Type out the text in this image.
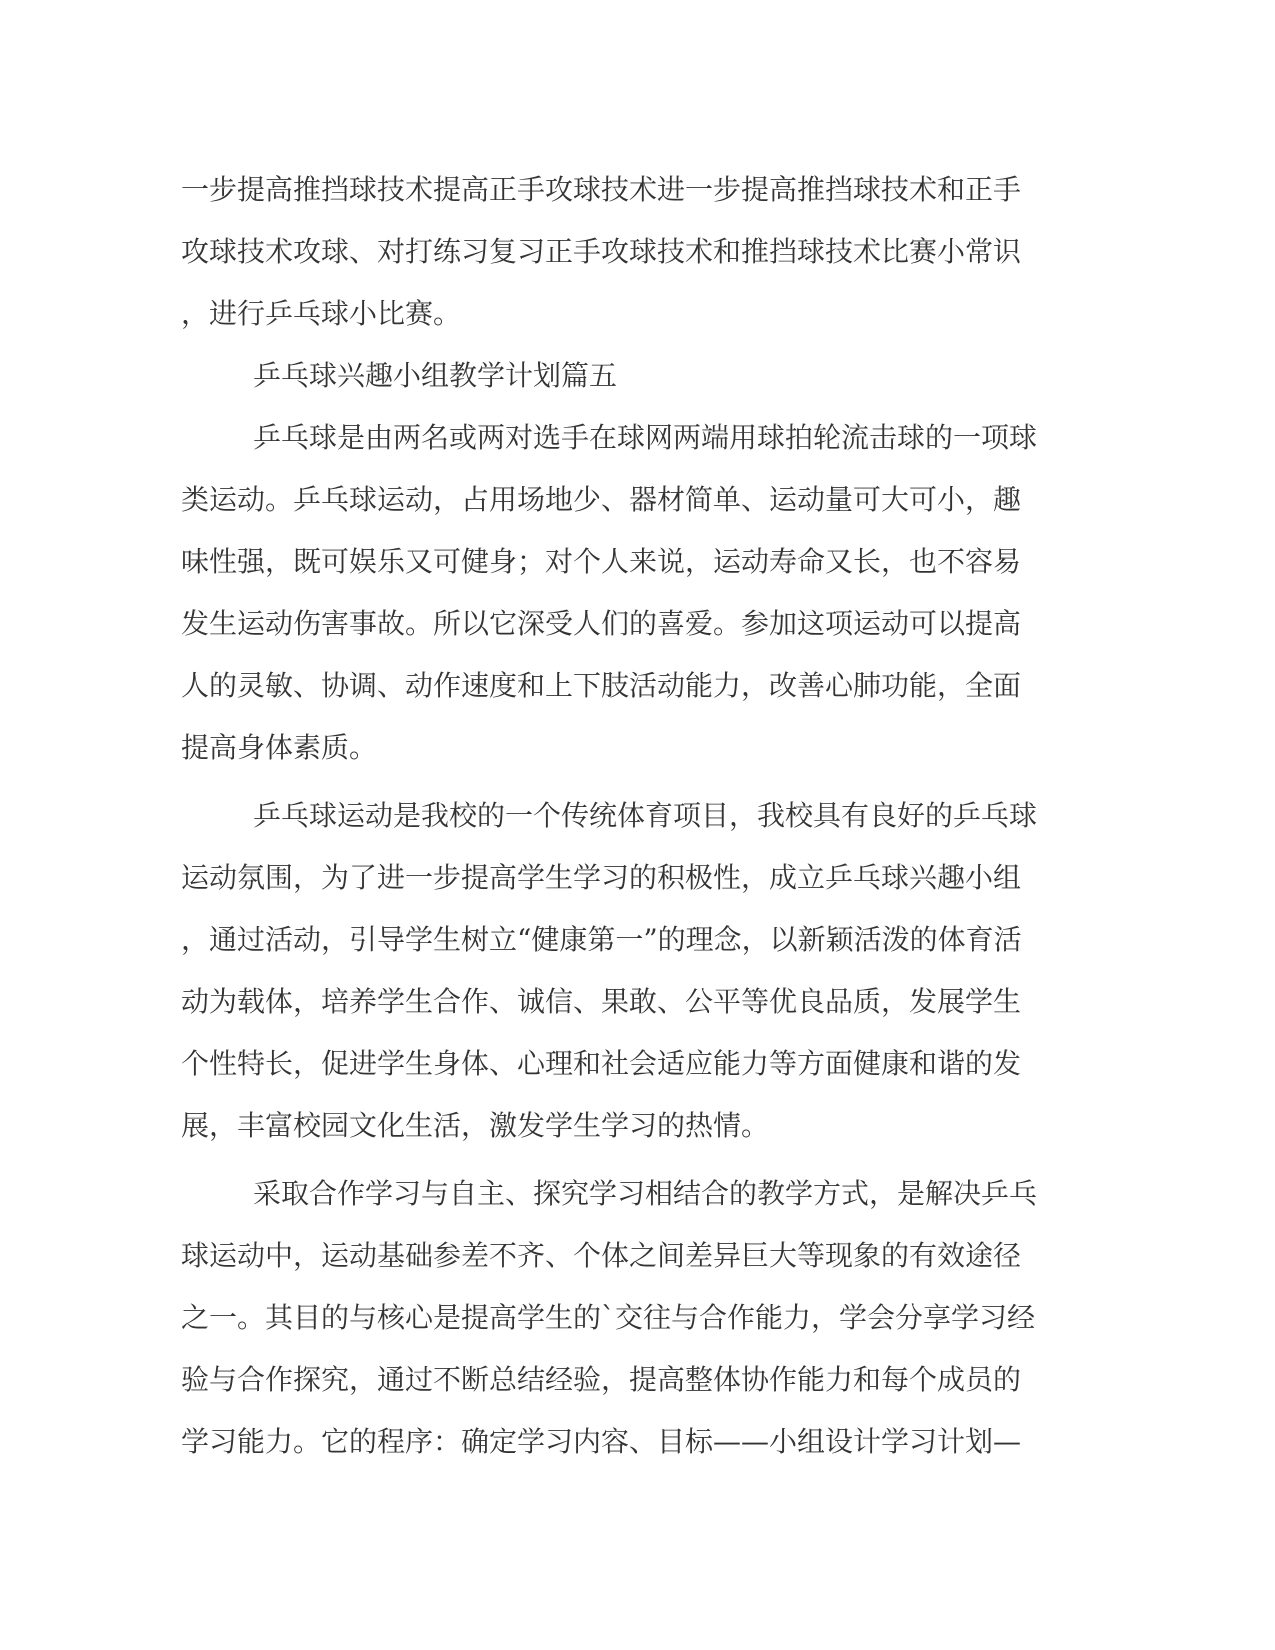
一步提高推挡球技术提高正手攻球技术进一步提高推挡球技术和正手
攻球技术攻球、对打练习复习正手攻球技术和推挡球技术比赛小常识
，进行乒乓球小比赛。
乒乓球兴趣小组教学计划篇五
乒乓球是由两名或两对选手在球网两端用球拍轮流击球的一项球
类运动。乒乓球运动，占用场地少、器材简单、运动量可大可小，趣
味性强，既可娱乐又可健身；对个人来说，运动寿命又长，也不容易
发生运动伤害事故。所以它深受人们的喜爱。参加这项运动可以提高
人的灵敏、协调、动作速度和上下肢活动能力，改善心肺功能，全面
提高身体素质。
乒乓球运动是我校的一个传统体育项目，我校具有良好的乒乓球
运动氛围，为了进一步提高学生学习的积极性，成立乒乓球兴趣小组
，通过活动，引导学生树立“健康第一”的理念，以新颖活泼的体育活
动为载体，培养学生合作、诚信、果敢、公平等优良品质，发展学生
个性特长，促进学生身体、心理和社会适应能力等方面健康和谐的发
展，丰富校园文化生活，激发学生学习的热情。
采取合作学习与自主、探究学习相结合的教学方式，是解决乒乓
球运动中，运动基础参差不齐、个体之间差异巨大等现象的有效途径
之一。其目的与核心是提高学生的`交往与合作能力，学会分享学习经
验与合作探究，通过不断总结经验，提高整体协作能力和每个成员的
学习能力。它的程序：确定学习内容、目标——小组设计学习计划—
